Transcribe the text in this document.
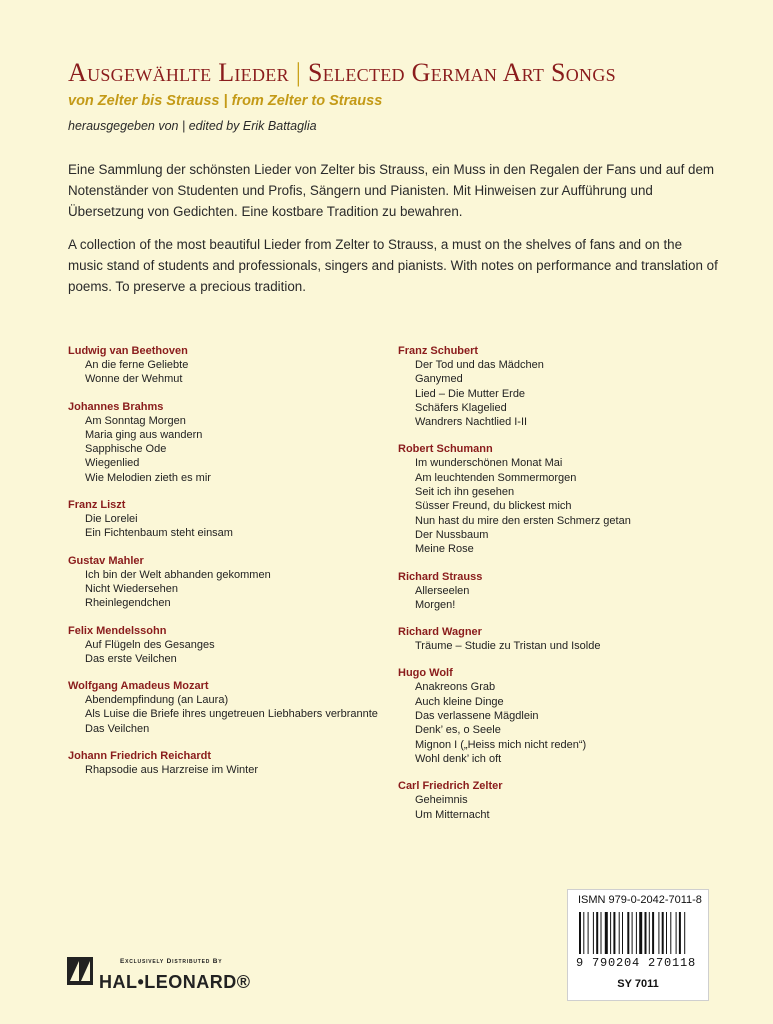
Ausgewählte Lieder | Selected German Art Songs
von Zelter bis Strauss | from Zelter to Strauss
herausgegeben von | edited by Erik Battaglia

Eine Sammlung der schönsten Lieder von Zelter bis Strauss, ein Muss in den Regalen der Fans und auf dem Notenständer von Studenten und Profis, Sängern und Pianisten. Mit Hinweisen zur Aufführung und Übersetzung von Gedichten. Eine kostbare Tradition zu bewahren.

A collection of the most beautiful Lieder from Zelter to Strauss, a must on the shelves of fans and on the music stand of students and professionals, singers and pianists. With notes on performance and translation of poems. To preserve a precious tradition.

Ludwig van Beethoven
An die ferne Geliebte
Wonne der Wehmut
Johannes Brahms
Am Sonntag Morgen
Maria ging aus wandern
Sapphische Ode
Wiegenlied
Wie Melodien zieth es mir
Franz Liszt
Die Lorelei
Ein Fichtenbaum steht einsam
Gustav Mahler
Ich bin der Welt abhanden gekommen
Nicht Wiedersehen
Rheinlegendchen
Felix Mendelssohn
Auf Flügeln des Gesanges
Das erste Veilchen
Wolfgang Amadeus Mozart
Abendempfindung (an Laura)
Als Luise die Briefe ihres ungetreuen Liebhabers verbrannte
Das Veilchen
Johann Friedrich Reichardt
Rhapsodie aus Harzreise im Winter
Franz Schubert
Der Tod und das Mädchen
Ganymed
Lied – Die Mutter Erde
Schäfers Klagelied
Wandrers Nachtlied I-II
Robert Schumann
Im wunderschönen Monat Mai
Am leuchtenden Sommermorgen
Seit ich ihn gesehen
Süsser Freund, du blickest mich
Nun hast du mire den ersten Schmerz getan
Der Nussbaum
Meine Rose
Richard Strauss
Allerseelen
Morgen!
Richard Wagner
Träume – Studie zu Tristan und Isolde
Hugo Wolf
Anakreons Grab
Auch kleine Dinge
Das verlassene Mägdlein
Denk’ es, o Seele
Mignon I („Heiss mich nicht reden“)
Wohl denk’ ich oft
Carl Friedrich Zelter
Geheimnis
Um Mitternacht
HAL•LEONARD®
Exclusively Distributed By
ISMN 979-0-2042-7011-8
9 790204 270118
SY 7011
